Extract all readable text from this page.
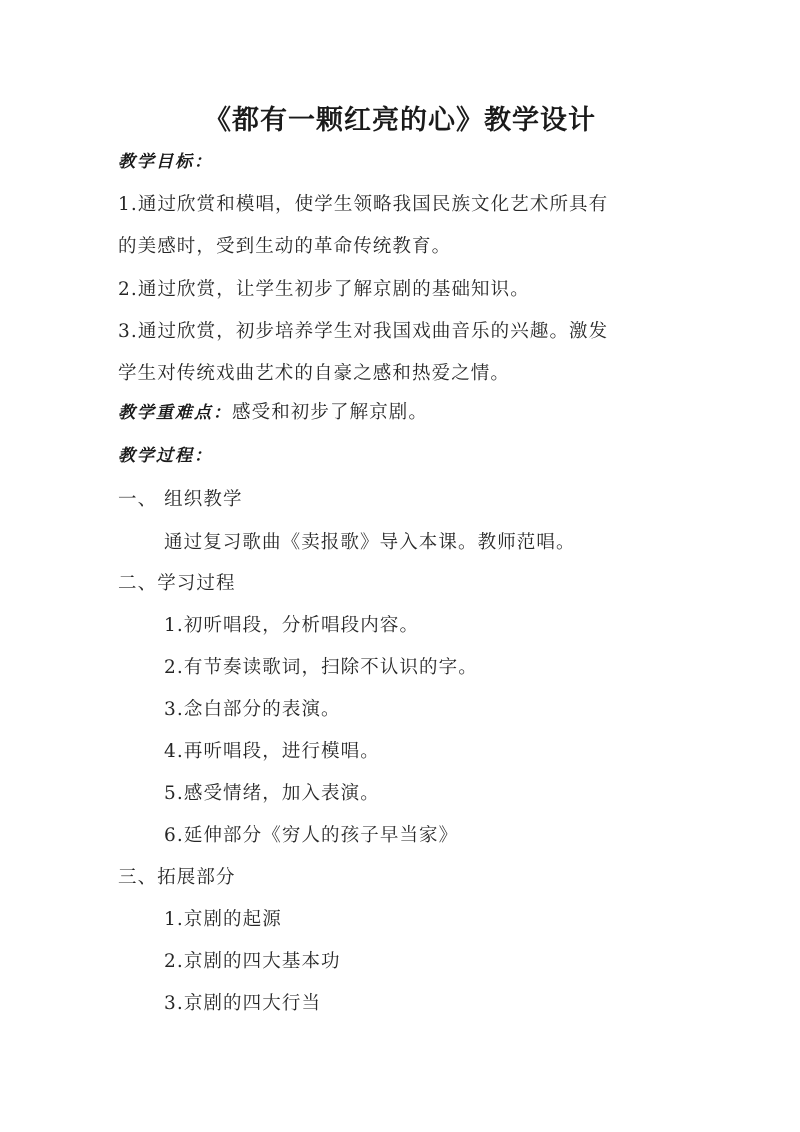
《都有一颗红亮的心》教学设计
教学目标：
1.通过欣赏和模唱，使学生领略我国民族文化艺术所具有
的美感时，受到生动的革命传统教育。
2.通过欣赏，让学生初步了解京剧的基础知识。
3.通过欣赏，初步培养学生对我国戏曲音乐的兴趣。激发
学生对传统戏曲艺术的自豪之感和热爱之情。
教学重难点：感受和初步了解京剧。
教学过程：
一、 组织教学
通过复习歌曲《卖报歌》导入本课。教师范唱。
二、学习过程
1.初听唱段，分析唱段内容。
2.有节奏读歌词，扫除不认识的字。
3.念白部分的表演。
4.再听唱段，进行模唱。
5.感受情绪，加入表演。
6.延伸部分《穷人的孩子早当家》
三、拓展部分
1.京剧的起源
2.京剧的四大基本功
3.京剧的四大行当
